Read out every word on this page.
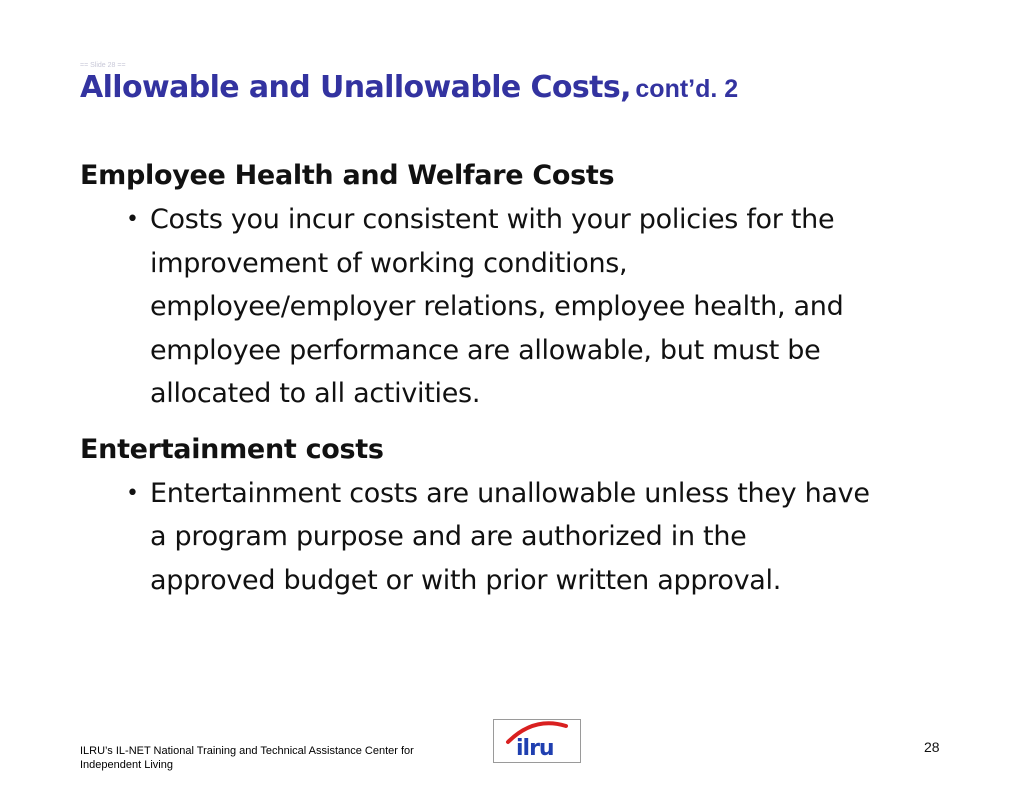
== Slide 28 ==
Allowable and Unallowable Costs, cont’d. 2
Employee Health and Welfare Costs
• Costs you incur consistent with your policies for the
improvement of working conditions,
employee/employer relations, employee health, and
employee performance are allowable, but must be
allocated to all activities.
Entertainment costs
• Entertainment costs are unallowable unless they have
a program purpose and are authorized in the
approved budget or with prior written approval.
ILRU’s IL-NET National Training and Technical Assistance Center for
Independent Living
ilru	28
